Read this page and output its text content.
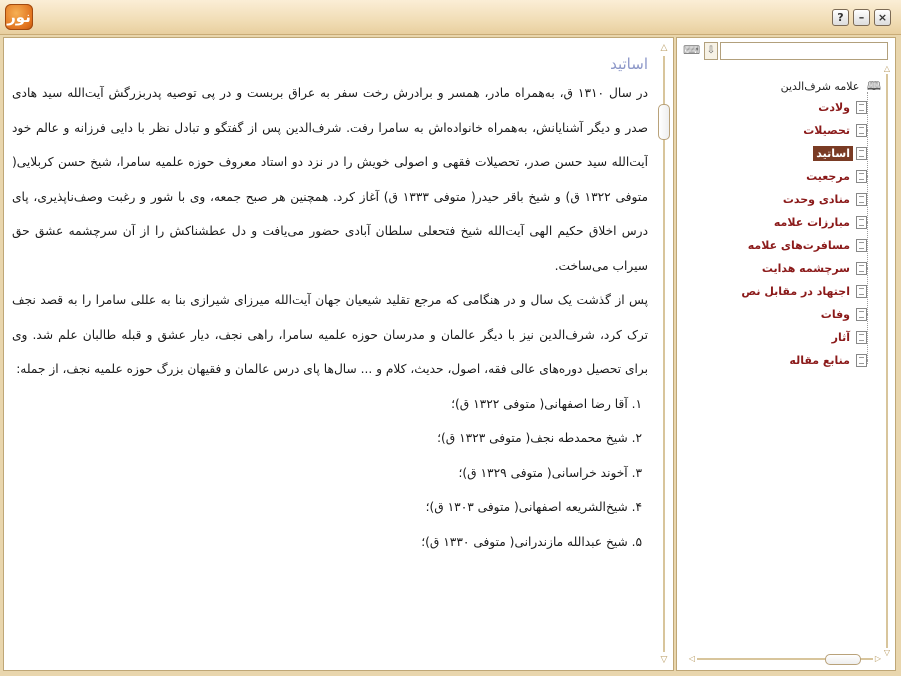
نور	?	–	×
اساتید

در سال ۱۳۱۰ ق، به‌همراه مادر، همسر و برادرش رخت سفر به عراق بربست و در پی توصیه پدربزرگش آیت‌الله سید هادی صدر و دیگر آشنایانش، به‌همراه خانواده‌اش به سامرا رفت. شرف‌الدین پس از گفتگو و تبادل نظر با دایی فرزانه و عالم خود آیت‌الله سید حسن صدر، تحصیلات فقهی و اصولی خویش را در نزد دو استاد معروف حوزه علمیه سامرا، شیخ حسن کربلایی( متوفی ۱۳۲۲ ق) و شیخ باقر حیدر( متوفی ۱۳۳۳ ق) آغاز کرد. همچنین هر صبح جمعه، وی با شور و رغبت وصف‌ناپذیری، پای درس اخلاق حکیم الهی آیت‌الله شیخ فتحعلی سلطان آبادی حضور می‌یافت و دل عطشناکش را از آن سرچشمه عشق حق سیراب می‌ساخت.

پس از گذشت یک سال و در هنگامی که مرجع تقلید شیعیان جهان آیت‌الله میرزای شیرازی بنا به عللی سامرا را به قصد نجف ترک کرد، شرف‌الدین نیز با دیگر عالمان و مدرسان حوزه علمیه سامرا، راهی نجف، دیار عشق و قبله طالبان علم شد. وی برای تحصیل دوره‌های عالی فقه، اصول، حدیث، کلام و ... سال‌ها پای درس عالمان و فقیهان بزرگ حوزه علمیه نجف، از جمله:

۱. آقا رضا اصفهانی( متوفی ۱۳۲۲ ق)؛

۲. شیخ محمدطه نجف( متوفی ۱۳۲۳ ق)؛

۳. آخوند خراسانی( متوفی ۱۳۲۹ ق)؛

۴. شیخ‌الشریعه اصفهانی( متوفی ۱۳۰۳ ق)؛

۵. شیخ عبدالله مازندرانی( متوفی ۱۳۳۰ ق)؛

△
▽
⌨ ⇩
🕮 علامه شرف‌الدین
ولادت
تحصیلات
اساتید
مرجعیت
منادی وحدت
مبارزات علامه
مسافرت‌های علامه
سرچشمه هدایت
اجتهاد در مقابل نص
وفات
آثار
منابع مقاله
△
▽
◁	▷
